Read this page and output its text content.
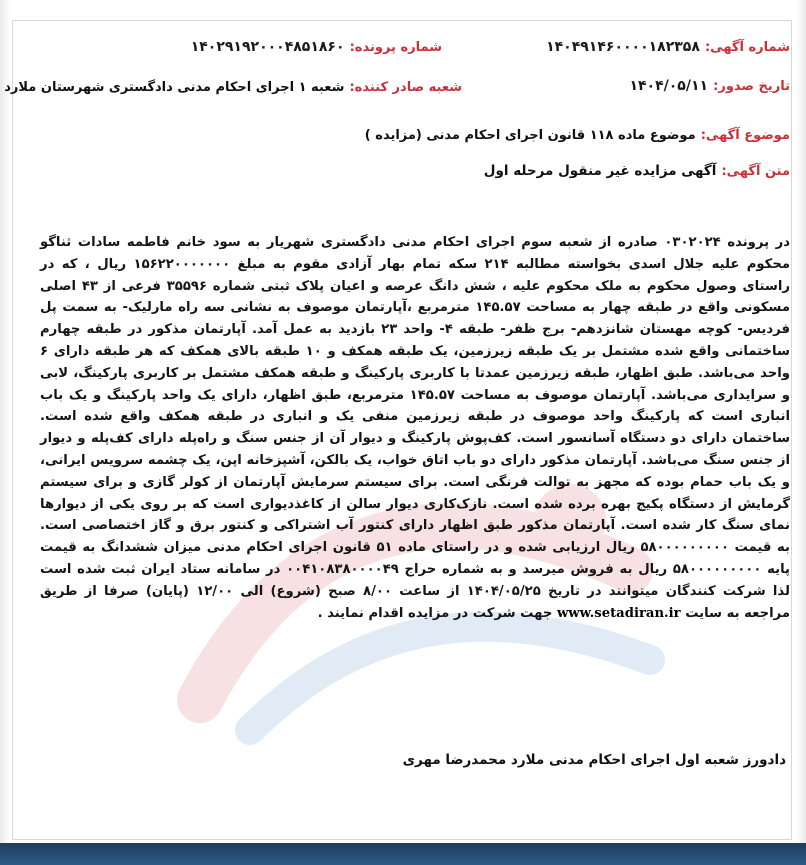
شماره آگهی: ۱۴۰۴۹۱۴۶۰۰۰۰۱۸۲۳۵۸
شماره پرونده: ۱۴۰۲۹۱۹۲۰۰۰۴۸۵۱۸۶۰
تاریخ صدور: ۱۴۰۴/۰۵/۱۱
شعبه صادر کننده: شعبه ۱ اجرای احکام مدنی دادگستری شهرستان ملارد
موضوع آگهی: موضوع ماده ۱۱۸ قانون اجرای احکام مدنی (مزایده )
متن آگهی: آگهی مزایده غیر منقول مرحله اول
در پرونده ۰۳۰۲۰۲۴ صادره از شعبه سوم اجرای احکام مدنی دادگستری شهریار به سود خانم فاطمه سادات ثناگو محکوم علیه جلال اسدی بخواسته مطالبه ۲۱۴ سکه تمام بهار آزادی مقوم به مبلغ ۱۵۶۲۲۰۰۰۰۰۰۰ ریال ، که در راستای وصول محکوم به ملک محکوم علیه ، شش دانگ عرصه و اعیان پلاک ثبتی شماره ۳۵۵۹۶ فرعی از ۴۳ اصلی مسکونی واقع در طبقه چهار به مساحت ۱۴۵.۵۷ مترمربع ،آپارتمان موصوف به نشانی سه راه مارلیک- به سمت پل فردیس- کوچه مهستان شانزدهم- برج ظفر- طبقه ۴- واحد ۲۳ بازدید به عمل آمد. آپارتمان مذکور در طبقه چهارم ساختمانی واقع شده مشتمل بر یک طبقه زیرزمین، یک طبقه همکف و ۱۰ طبقه بالای همکف که هر طبقه دارای ۶ واحد می‌باشد. طبق اظهار، طبقه زیرزمین عمدتا با کاربری پارکینگ و طبقه همکف مشتمل بر کاربری پارکینگ، لابی و سرایداری می‌باشد. آپارتمان موصوف به مساحت ۱۴۵.۵۷ مترمربع، طبق اظهار، دارای یک واحد پارکینگ و یک باب انباری است که پارکینگ واحد موصوف در طبقه زیرزمین منفی یک و انباری در طبقه همکف واقع شده است. ساختمان دارای دو دستگاه آسانسور است. کف‌پوش پارکینگ و دیوار آن از جنس سنگ و راه‌پله دارای کف‌پله و دیوار از جنس سنگ می‌باشد. آپارتمان مذکور دارای دو باب اتاق خواب، یک بالکن، آشپزخانه اپن، یک چشمه سرویس ایرانی، و یک باب حمام بوده که مجهز به توالت فرنگی است. برای سیستم سرمایش آپارتمان از کولر گازی و برای سیستم گرمایش از دستگاه پکیج بهره برده شده است. نازک‌کاری دیوار سالن از کاغذدیواری است که بر روی یکی از دیوارها نمای سنگ کار شده است. آپارتمان مذکور طبق اظهار دارای کنتور آب اشتراکی و کنتور برق و گاز اختصاصی است. به قیمت ۵۸۰۰۰۰۰۰۰۰۰ ریال ارزیابی شده و در راستای ماده ۵۱ قانون اجرای احکام مدنی میزان ششدانگ به قیمت پایه ۵۸۰۰۰۰۰۰۰۰۰ ریال به فروش میرسد و به شماره حراج ۰۰۴۱۰۸۳۸۰۰۰۰۴۹ در سامانه ستاد ایران ثبت شده است لذا شرکت کنندگان میتوانند در تاریخ ۱۴۰۴/۰۵/۲۵ از ساعت ۸/۰۰ صبح (شروع) الی ۱۲/۰۰ (پایان) صرفا از طریق مراجعه به سایت www.setadiran.ir جهت شرکت در مزایده اقدام نمایند .
دادورز شعبه اول اجرای احکام مدنی ملارد محمدرضا مهری
